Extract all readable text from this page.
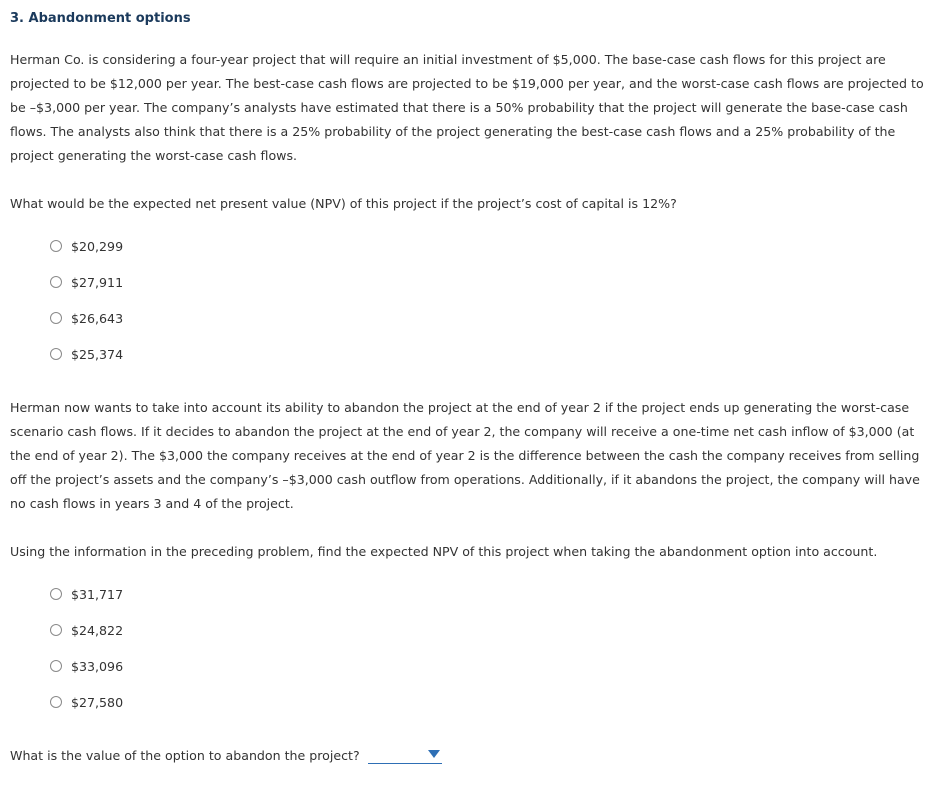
3. Abandonment options

Herman Co. is considering a four-year project that will require an initial investment of $5,000. The base-case cash flows for this project are projected to be $12,000 per year. The best-case cash flows are projected to be $19,000 per year, and the worst-case cash flows are projected to be –$3,000 per year. The company’s analysts have estimated that there is a 50% probability that the project will generate the base-case cash flows. The analysts also think that there is a 25% probability of the project generating the best-case cash flows and a 25% probability of the project generating the worst-case cash flows.

What would be the expected net present value (NPV) of this project if the project’s cost of capital is 12%?

$20,299
$27,911
$26,643
$25,374

Herman now wants to take into account its ability to abandon the project at the end of year 2 if the project ends up generating the worst-case scenario cash flows. If it decides to abandon the project at the end of year 2, the company will receive a one-time net cash inflow of $3,000 (at the end of year 2). The $3,000 the company receives at the end of year 2 is the difference between the cash the company receives from selling off the project’s assets and the company’s –$3,000 cash outflow from operations. Additionally, if it abandons the project, the company will have no cash flows in years 3 and 4 of the project.

Using the information in the preceding problem, find the expected NPV of this project when taking the abandonment option into account.

$31,717
$24,822
$33,096
$27,580
What is the value of the option to abandon the project?
